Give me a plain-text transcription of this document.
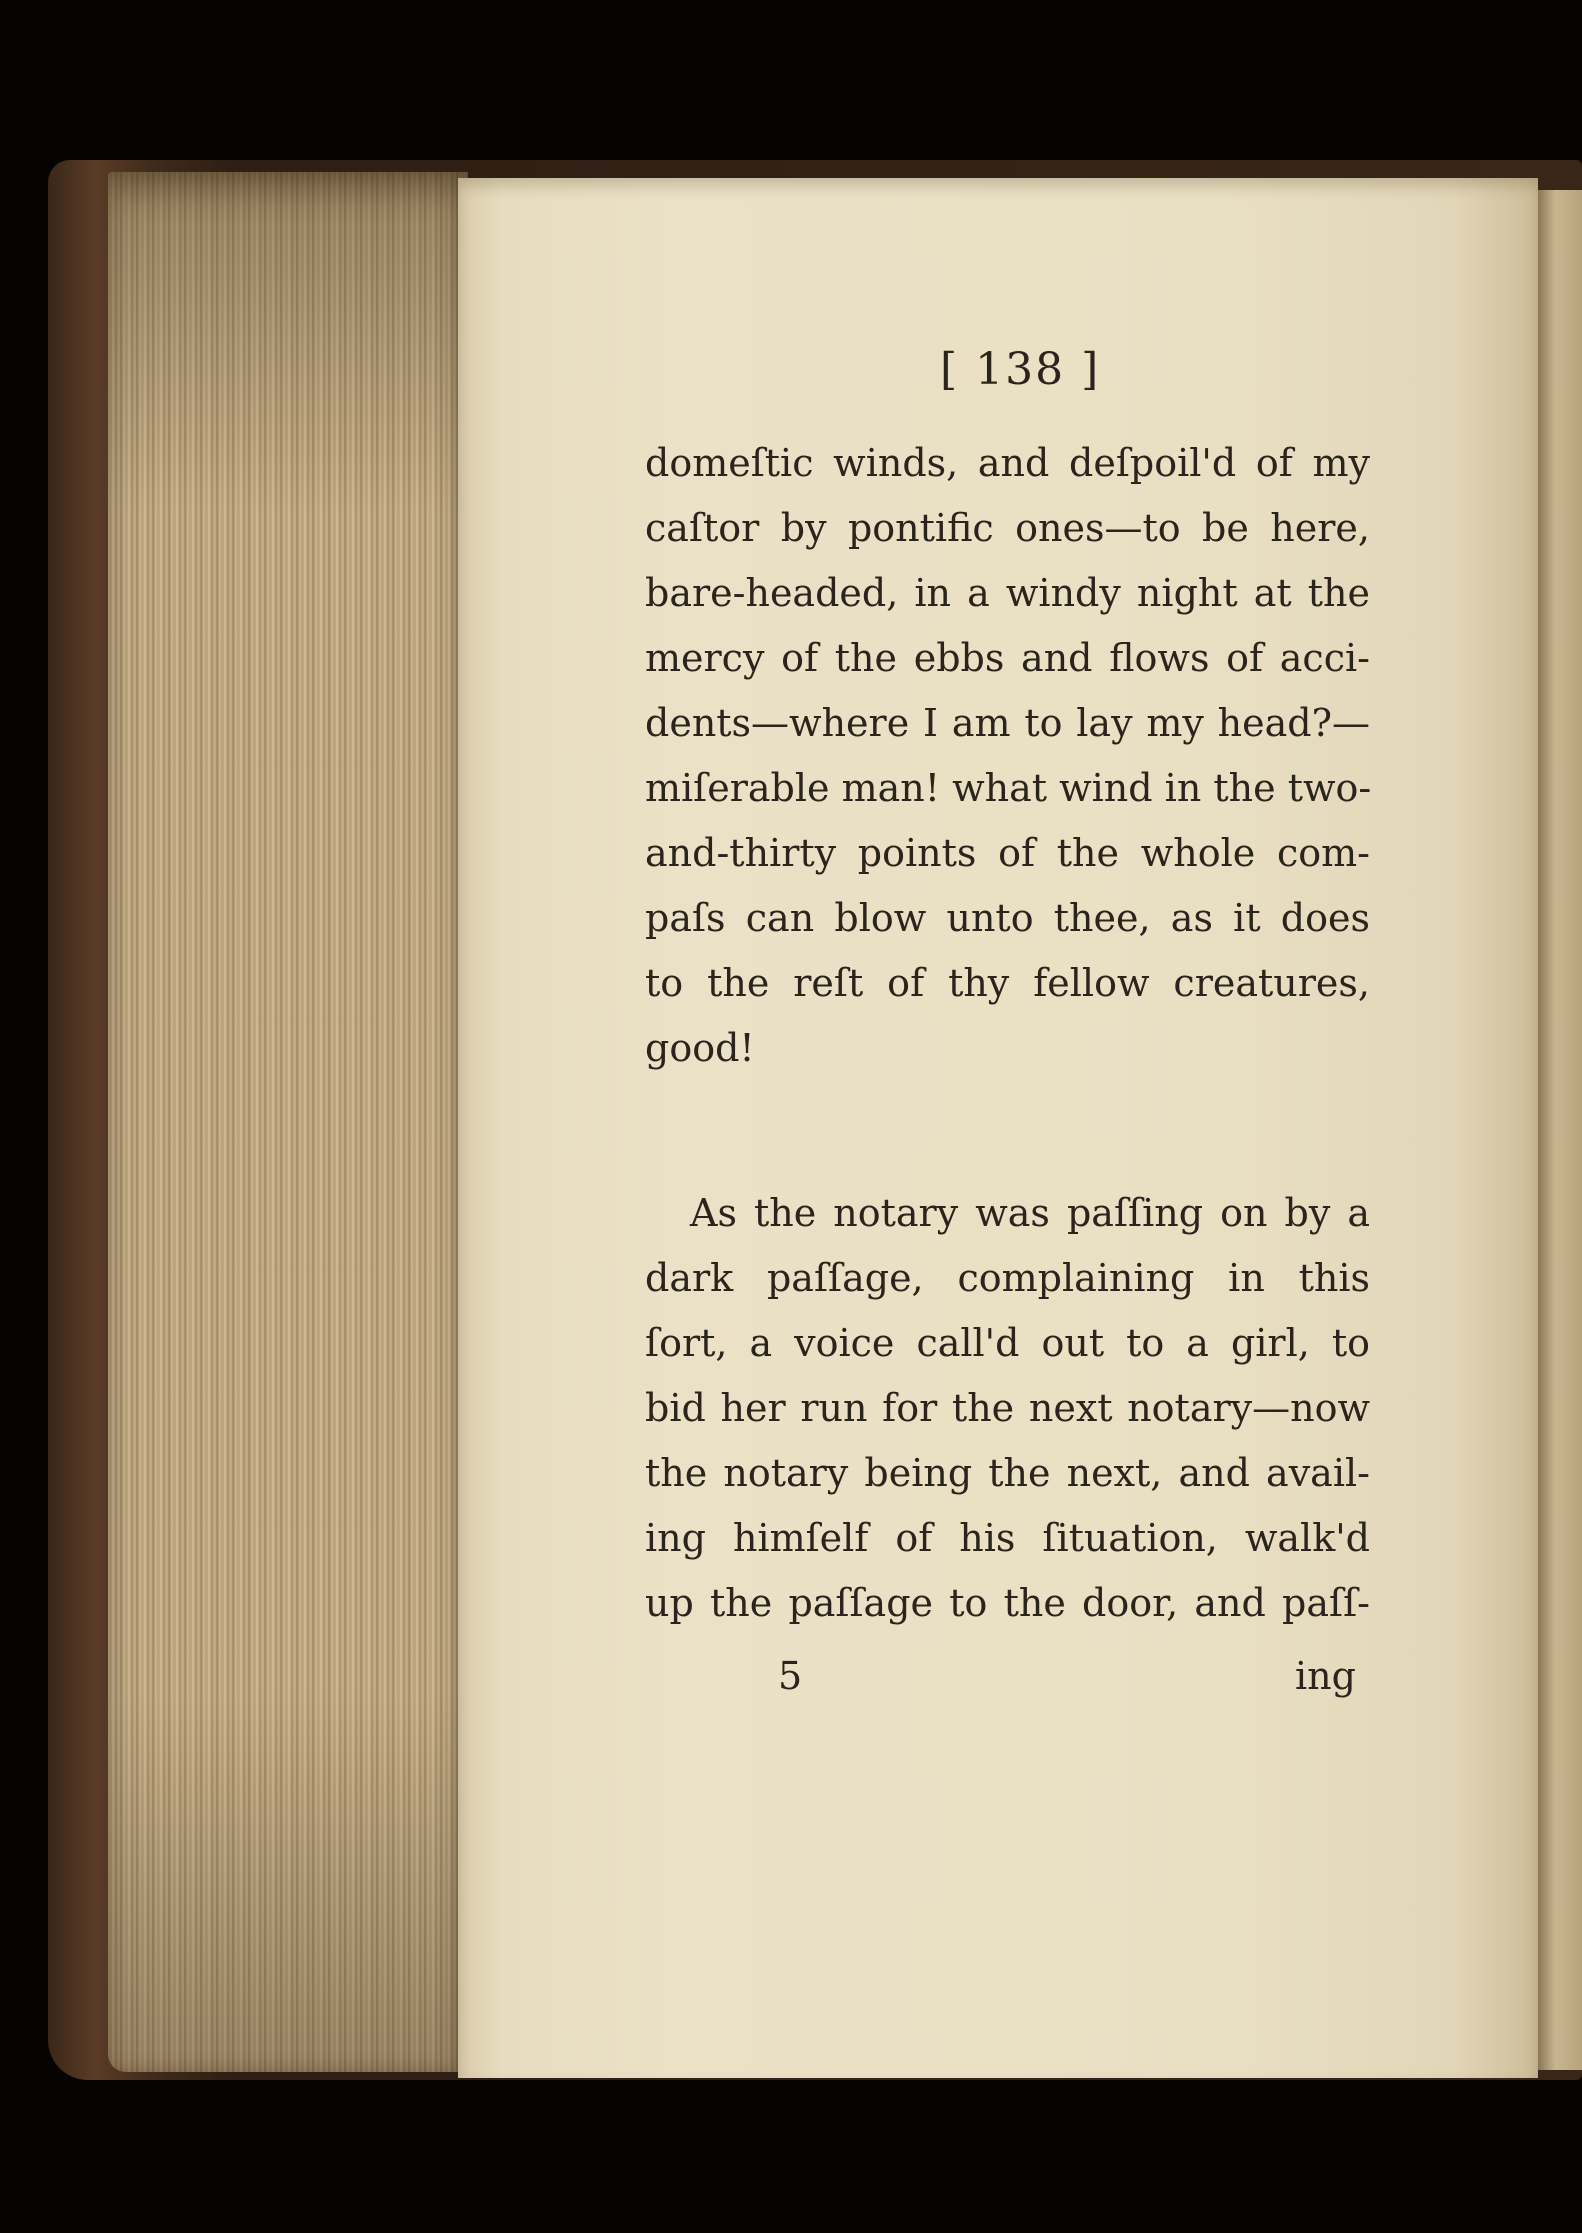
[ 138 ]
domeſtic winds, and deſpoil'd of my
caſtor by pontific ones—to be here,
bare-headed, in a windy night at the
mercy of the ebbs and flows of acci-
dents—where I am to lay my head?—
miſerable man! what wind in the two-
and-thirty points of the whole com-
paſs can blow unto thee, as it does
to the reſt of thy fellow creatures,
good!
As the notary was paſſing on by a
dark paſſage, complaining in this
ſort, a voice call'd out to a girl, to
bid her run for the next notary—now
the notary being the next, and avail-
ing himſelf of his ſituation, walk'd
up the paſſage to the door, and paſſ-
5	ing
